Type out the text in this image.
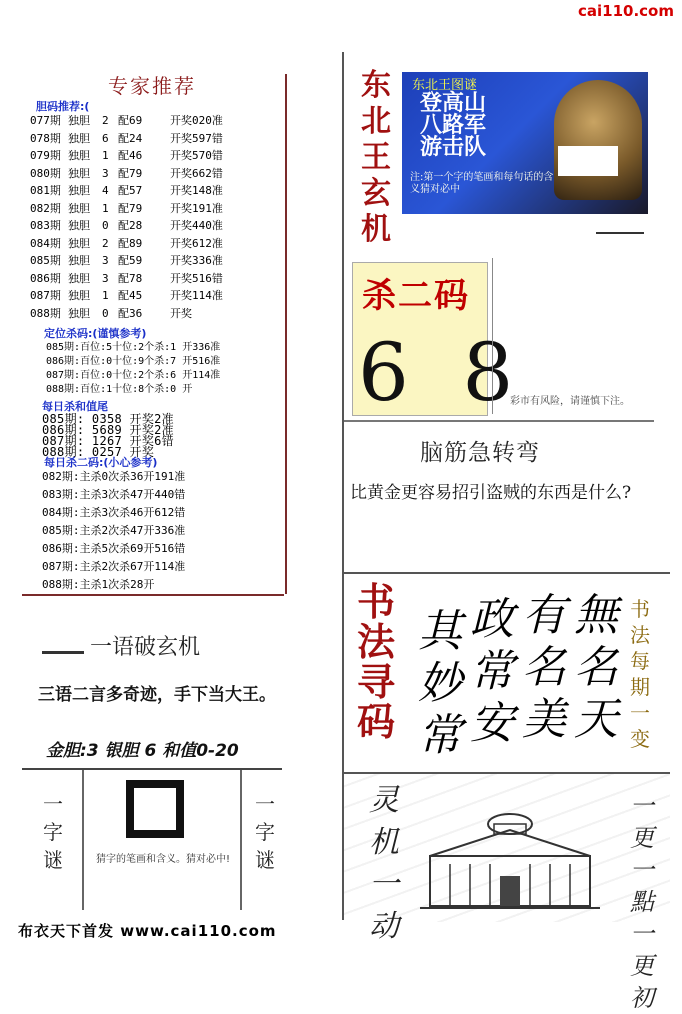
cai110.com
布衣天下首发 www.cai110.com
专家推荐
胆码推荐:(
077期 独胆 2 配69	开奖020准
078期 独胆 6 配24	开奖597错
079期 独胆 1 配46	开奖570错
080期 独胆 3 配79	开奖662错
081期 独胆 4 配57	开奖148准
082期 独胆 1 配79	开奖191准
083期 独胆 0 配28	开奖440准
084期 独胆 2 配89	开奖612准
085期 独胆 3 配59	开奖336准
086期 独胆 3 配78	开奖516错
087期 独胆 1 配45	开奖114准
088期 独胆 0 配36	开奖
定位杀码:(谨慎参考)
085期:百位:5十位:2个杀:1 开336准
086期:百位:0十位:9个杀:7 开516准
087期:百位:0十位:2个杀:6 开114准
088期:百位:1十位:8个杀:0 开
每日杀和值尾
085期: 0358 开奖2准
086期: 5689 开奖2准
087期: 1267 开奖6错
088期: 0257 开奖
每日杀二码:(小心参考)
082期:主杀0次杀36开191准
083期:主杀3次杀47开440错
084期:主杀3次杀46开612错
085期:主杀2次杀47开336准
086期:主杀5次杀69开516错
087期:主杀2次杀67开114准
088期:主杀1次杀28开
一语破玄机
三语二言多奇迹，手下当大王。
金胆:3 银胆 6 和值0-20
一
字
谜
一
字
谜
猜字的笔画和含义。猜对必中!
东
北
王
玄
机
东北王图谜
登高山
八路军
游击队
注:第一个字的笔画和每句话的含义猜对必中
杀二码
6 8
彩市有风险，请谨慎下注。
脑筋急转弯
比黄金更容易招引盗贼的东西是什么?
书
法
寻
码
其
妙
常
政
常
安
有
名
美
無
名
天
书
法
每
期
一
变
灵
机
一
动
一
更
一
點
一
更
初
